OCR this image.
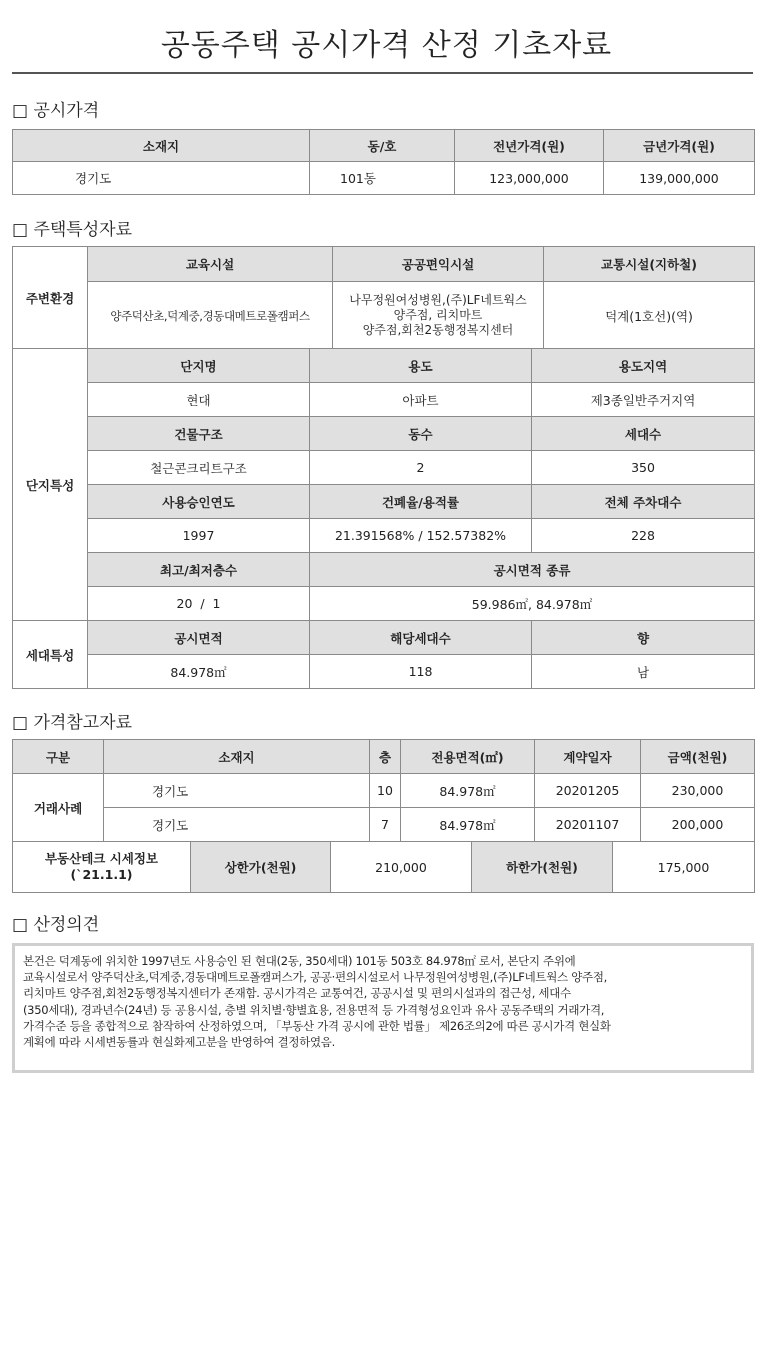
공동주택 공시가격 산정 기초자료
□ 공시가격
소재지	동/호	전년가격(원)	금년가격(원)
경기도	101동	123,000,000	139,000,000
□ 주택특성자료
주변환경	교육시설	공공편익시설	교통시설(지하철)
	양주덕산초,덕계중,경동대메트로폴캠퍼스	나무정원여성병원,(주)LF네트웍스
양주점, 리치마트
양주점,회천2동행정복지센터	덕계(1호선)(역)
단지특성	단지명	용도	용도지역
	현대	아파트	제3종일반주거지역
	건물구조	동수	세대수
	철근콘크리트구조	2	350
	사용승인연도	건폐율/용적률	전체 주차대수
	1997	21.391568% / 152.57382%	228
	최고/최저층수	공시면적 종류	
	20  /  1	59.986㎡, 84.978㎡	
세대특성	공시면적	해당세대수	향
	84.978㎡	118	남
□ 가격참고자료
구분	소재지	층	전용면적(㎡)	계약일자	금액(천원)
거래사례	경기도	10	84.978㎡	20201205	230,000
	경기도	7	84.978㎡	20201107	200,000
부동산테크 시세정보
(`21.1.1)	상한가(천원)	210,000	하한가(천원)	175,000
□ 산정의견
본건은 덕계동에 위치한 1997년도 사용승인 된 현대(2동, 350세대) 101동 503호 84.978㎡ 로서, 본단지 주위에
교육시설로서 양주덕산초,덕계중,경동대메트로폴캠퍼스가, 공공·편의시설로서 나무정원여성병원,(주)LF네트웍스 양주점,
리치마트 양주점,회천2동행정복지센터가 존재함. 공시가격은 교통여건, 공공시설 및 편의시설과의 접근성, 세대수
(350세대), 경과년수(24년) 등 공용시설, 층별 위치별·향별효용, 전용면적 등 가격형성요인과 유사 공동주택의 거래가격,
가격수준 등을 종합적으로 참작하여 산정하였으며, 「부동산 가격 공시에 관한 법률」 제26조의2에 따른 공시가격 현실화
계획에 따라 시세변동률과 현실화제고분을 반영하여 결정하였음.
